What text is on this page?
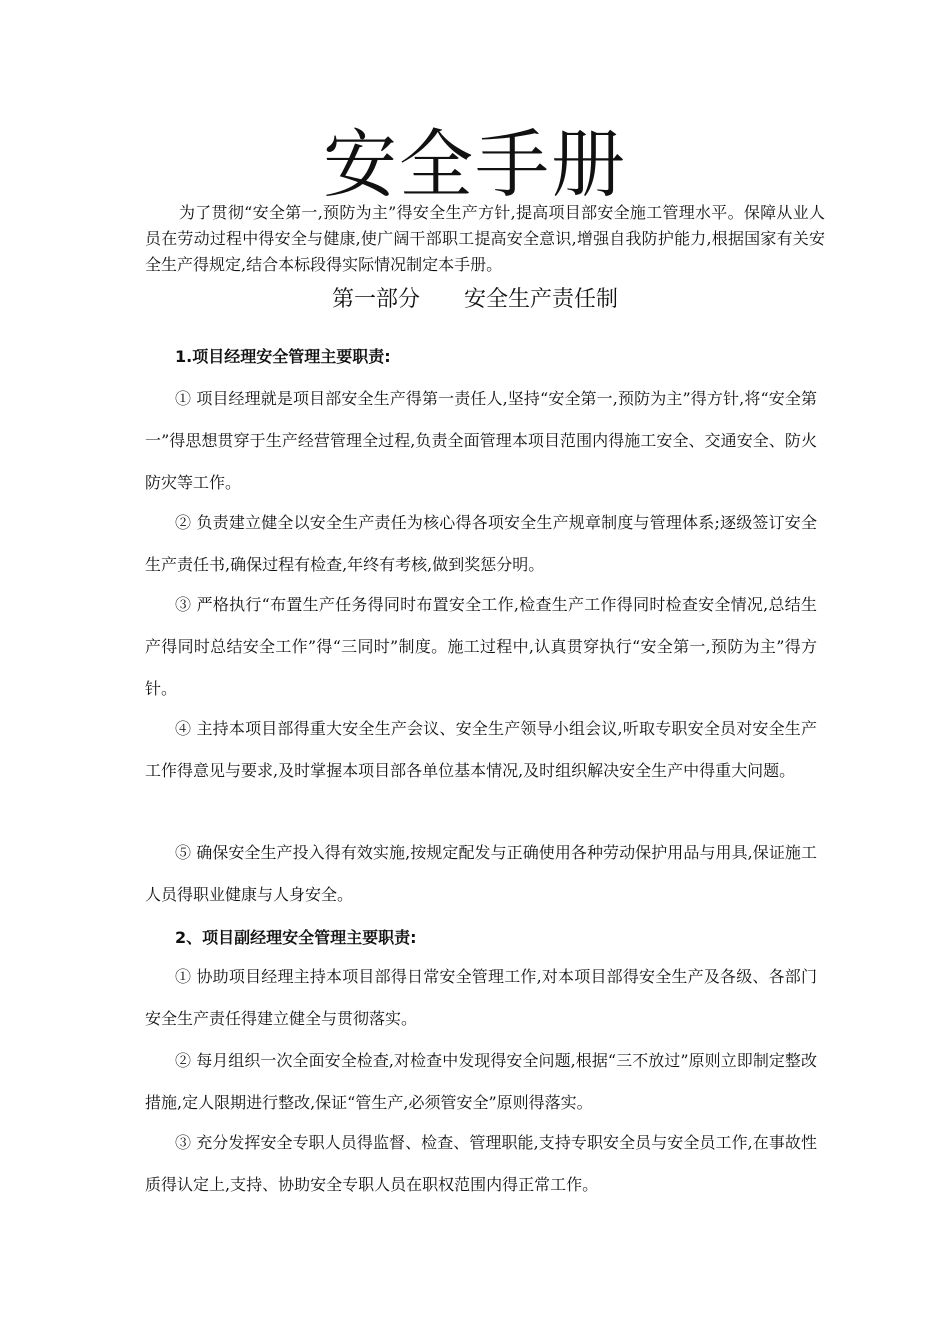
安全手册

为了贯彻“安全第一,预防为主”得安全生产方针,提高项目部安全施工管理水平。保障从业人员在劳动过程中得安全与健康,使广阔干部职工提高安全意识,增强自我防护能力,根据国家有关安全生产得规定,结合本标段得实际情况制定本手册。

第一部分 安全生产责任制
1.项目经理安全管理主要职责:

① 项目经理就是项目部安全生产得第一责任人,坚持“安全第一,预防为主”得方针,将“安全第一”得思想贯穿于生产经营管理全过程,负责全面管理本项目范围内得施工安全、交通安全、防火防灾等工作。

② 负责建立健全以安全生产责任为核心得各项安全生产规章制度与管理体系;逐级签订安全生产责任书,确保过程有检查,年终有考核,做到奖惩分明。

③ 严格执行“布置生产任务得同时布置安全工作,检查生产工作得同时检查安全情况,总结生产得同时总结安全工作”得“三同时”制度。施工过程中,认真贯穿执行“安全第一,预防为主”得方针。

④ 主持本项目部得重大安全生产会议、安全生产领导小组会议,听取专职安全员对安全生产工作得意见与要求,及时掌握本项目部各单位基本情况,及时组织解决安全生产中得重大问题。

⑤ 确保安全生产投入得有效实施,按规定配发与正确使用各种劳动保护用品与用具,保证施工人员得职业健康与人身安全。

2、项目副经理安全管理主要职责:

① 协助项目经理主持本项目部得日常安全管理工作,对本项目部得安全生产及各级、各部门安全生产责任得建立健全与贯彻落实。

② 每月组织一次全面安全检查,对检查中发现得安全问题,根据“三不放过”原则立即制定整改措施,定人限期进行整改,保证“管生产,必须管安全”原则得落实。

③ 充分发挥安全专职人员得监督、检查、管理职能,支持专职安全员与安全员工作,在事故性质得认定上,支持、协助安全专职人员在职权范围内得正常工作。
